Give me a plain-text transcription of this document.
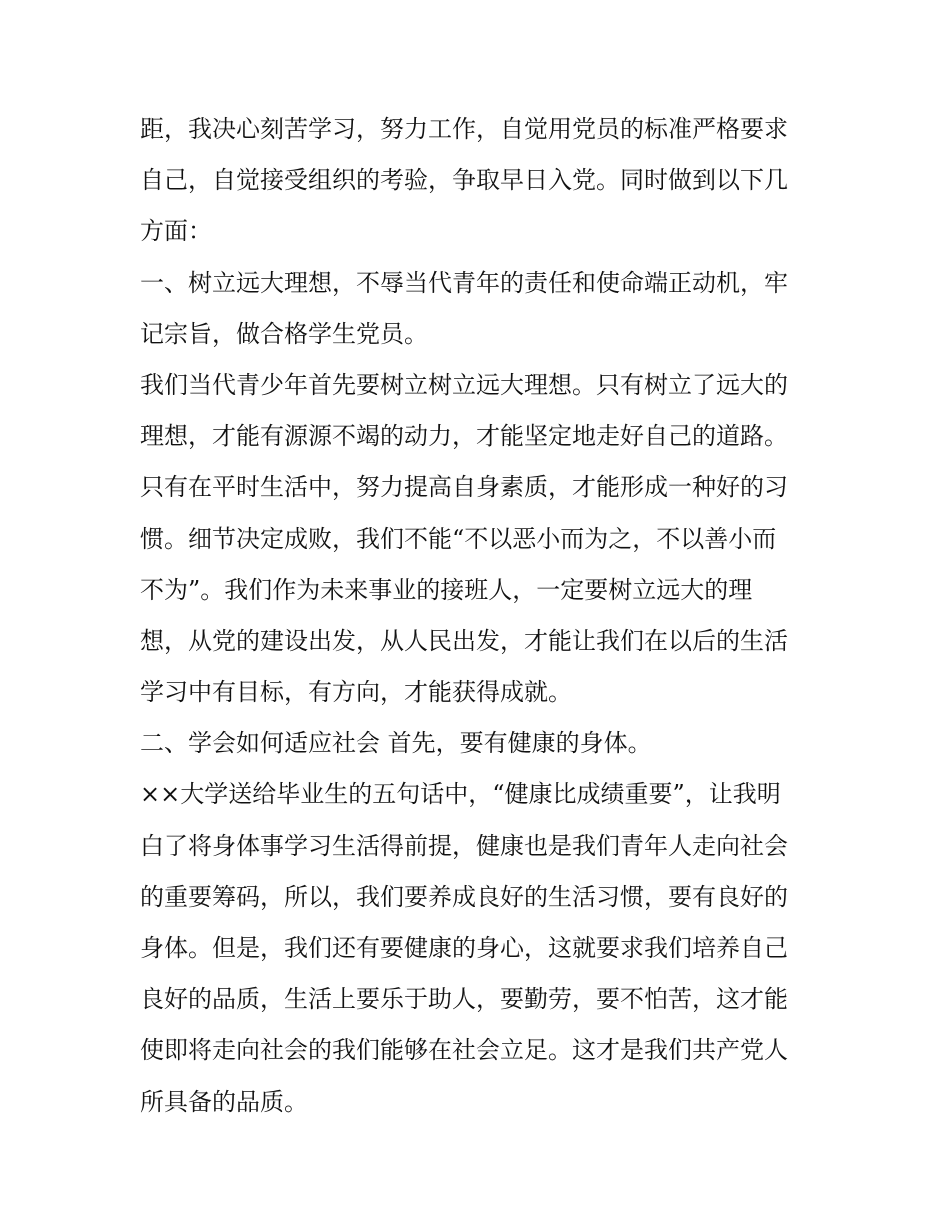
距，我决心刻苦学习，努力工作，自觉用党员的标准严格要求
自己，自觉接受组织的考验，争取早日入党。同时做到以下几
方面：
一、树立远大理想，不辱当代青年的责任和使命端正动机，牢
记宗旨，做合格学生党员。
我们当代青少年首先要树立树立远大理想。只有树立了远大的
理想，才能有源源不竭的动力，才能坚定地走好自己的道路。
只有在平时生活中，努力提高自身素质，才能形成一种好的习
惯。细节决定成败，我们不能“不以恶小而为之，不以善小而
不为”。我们作为未来事业的接班人，一定要树立远大的理
想，从党的建设出发，从人民出发，才能让我们在以后的生活
学习中有目标，有方向，才能获得成就。
二、学会如何适应社会 首先，要有健康的身体。
××大学送给毕业生的五句话中，“健康比成绩重要”，让我明
白了将身体事学习生活得前提，健康也是我们青年人走向社会
的重要筹码，所以，我们要养成良好的生活习惯，要有良好的
身体。但是，我们还有要健康的身心，这就要求我们培养自己
良好的品质，生活上要乐于助人，要勤劳，要不怕苦，这才能
使即将走向社会的我们能够在社会立足。这才是我们共产党人
所具备的品质。
